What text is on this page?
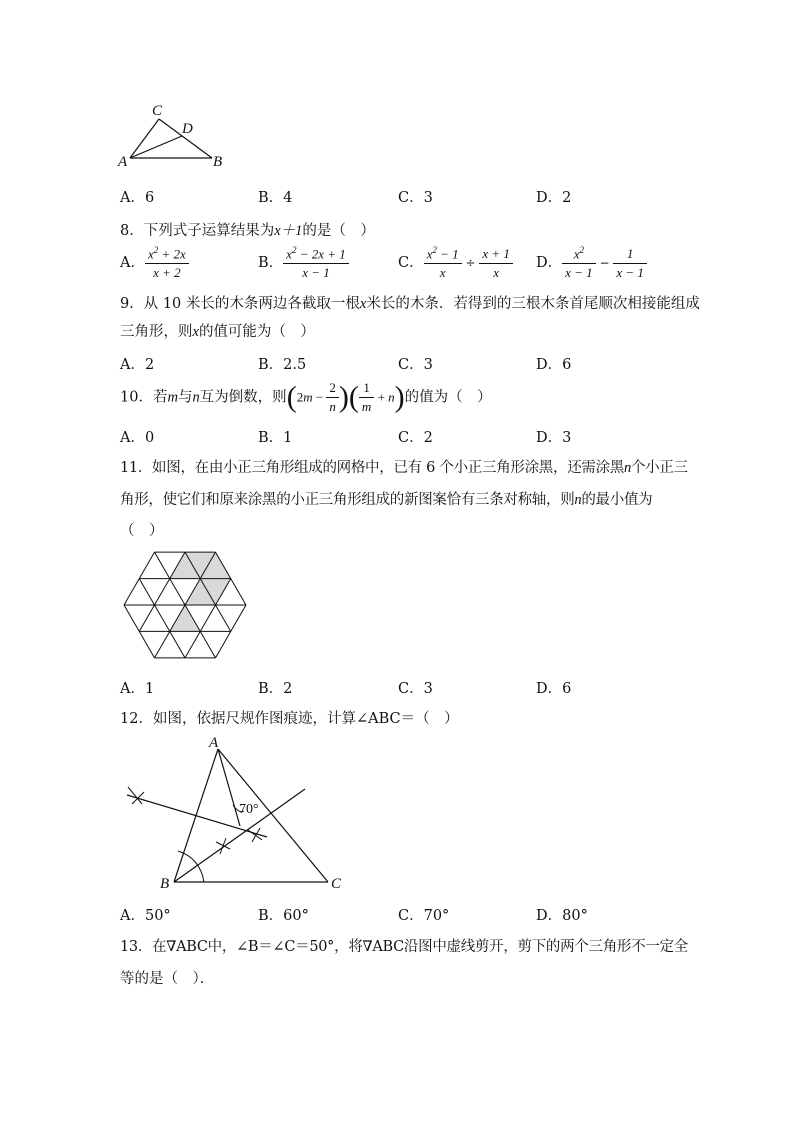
C
D
A	B
A．6	B．4	C．3	D．2
8．下列式子运算结果为x＋1的是（　）
A． $\frac{x^2 + 2x}{x + 2}$	B． $\frac{x^2 - 2x + 1}{x - 1}$	C． $\frac{x^2 - 1}{x} \div \frac{x + 1}{x}$ D． $\frac{x^2}{x - 1} - \frac{1}{x - 1}$
9．从 10 米长的木条两边各截取一根x米长的木条．若得到的三根木条首尾顺次相接能组成
三角形，则x的值可能为（　）
A．2	B．2.5	C．3	D．6
10．若m与n互为倒数，则($2m - \frac{2}{n}$ )( $\frac{1}{m} + n$)的值为（　）
A．0	B．1	C．2	D．3
11．如图，在由小正三角形组成的网格中，已有 6 个小正三角形涂黑，还需涂黑n个小正三
角形，使它们和原来涂黑的小正三角形组成的新图案恰有三条对称轴，则n的最小值为
（　）
A．1	B．2	C．3	D．6
12．如图，依据尺规作图痕迹，计算∠ABC＝（　）
A
B	C
70°
A．50°	B．60°	C．70°	D．80°
13．在∇ABC中，∠B＝∠C＝50°，将∇ABC沿图中虚线剪开，剪下的两个三角形不一定全
等的是（　）．
